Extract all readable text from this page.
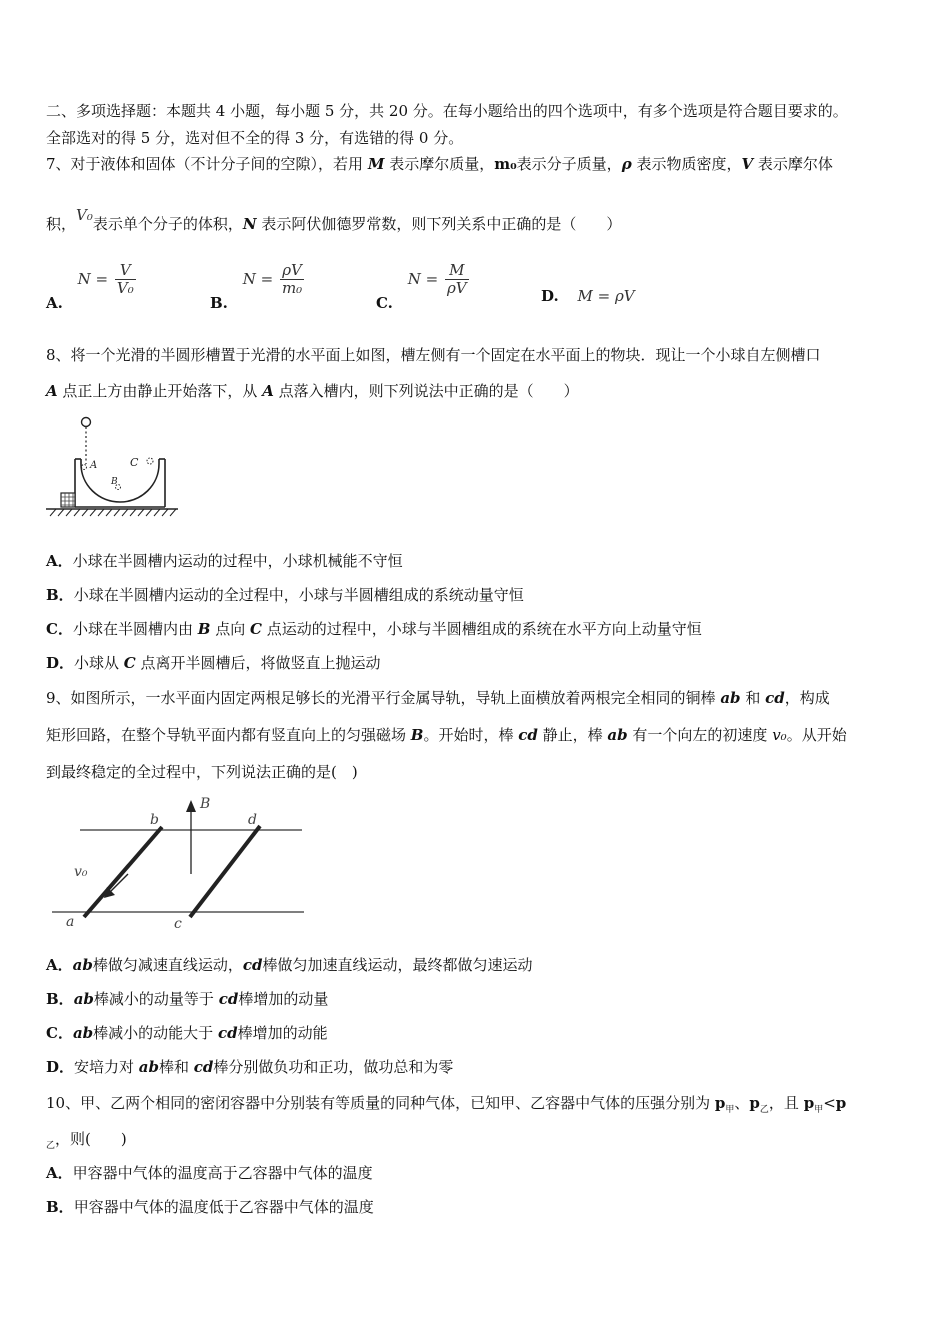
二、多项选择题：本题共 4 小题，每小题 5 分，共 20 分。在每小题给出的四个选项中，有多个选项是符合题目要求的。
全部选对的得 5 分，选对但不全的得 3 分，有选错的得 0 分。
7、对于液体和固体（不计分子间的空隙），若用 M 表示摩尔质量，m₀表示分子质量，ρ 表示物质密度，V 表示摩尔体
积，V₀表示单个分子的体积，N 表示阿伏伽德罗常数，则下列关系中正确的是（　　）
A. $N = \frac{V}{\text{V₀}}$
B. $N = \frac{\rho V}{\text{m₀}}$
C. $N = \frac{M}{\rho V}$	D. M = ρV
8、将一个光滑的半圆形槽置于光滑的水平面上如图，槽左侧有一个固定在水平面上的物块．现让一个小球自左侧槽口
A 点正上方由静止开始落下，从 A 点落入槽内，则下列说法中正确的是（　　）
A
B
C
A．小球在半圆槽内运动的过程中，小球机械能不守恒
B．小球在半圆槽内运动的全过程中，小球与半圆槽组成的系统动量守恒
C．小球在半圆槽内由 B 点向 C 点运动的过程中，小球与半圆槽组成的系统在水平方向上动量守恒
D．小球从 C 点离开半圆槽后，将做竖直上抛运动
9、如图所示，一水平面内固定两根足够长的光滑平行金属导轨，导轨上面横放着两根完全相同的铜棒 ab 和 cd，构成
矩形回路，在整个导轨平面内都有竖直向上的匀强磁场 B。开始时，棒 cd 静止，棒 ab 有一个向左的初速度 v₀。从开始
到最终稳定的全过程中，下列说法正确的是(　)
B
b	d
a	c
v₀
A．ab棒做匀减速直线运动，cd棒做匀加速直线运动，最终都做匀速运动
B．ab棒减小的动量等于 cd棒增加的动量
C．ab棒减小的动能大于 cd棒增加的动能
D．安培力对 ab棒和 cd棒分别做负功和正功，做功总和为零
10、甲、乙两个相同的密闭容器中分别装有等质量的同种气体，已知甲、乙容器中气体的压强分别为 $p_甲$、$p_乙$，且 $p_甲<p$
$_乙$，则(　　)
A．甲容器中气体的温度高于乙容器中气体的温度
B．甲容器中气体的温度低于乙容器中气体的温度
